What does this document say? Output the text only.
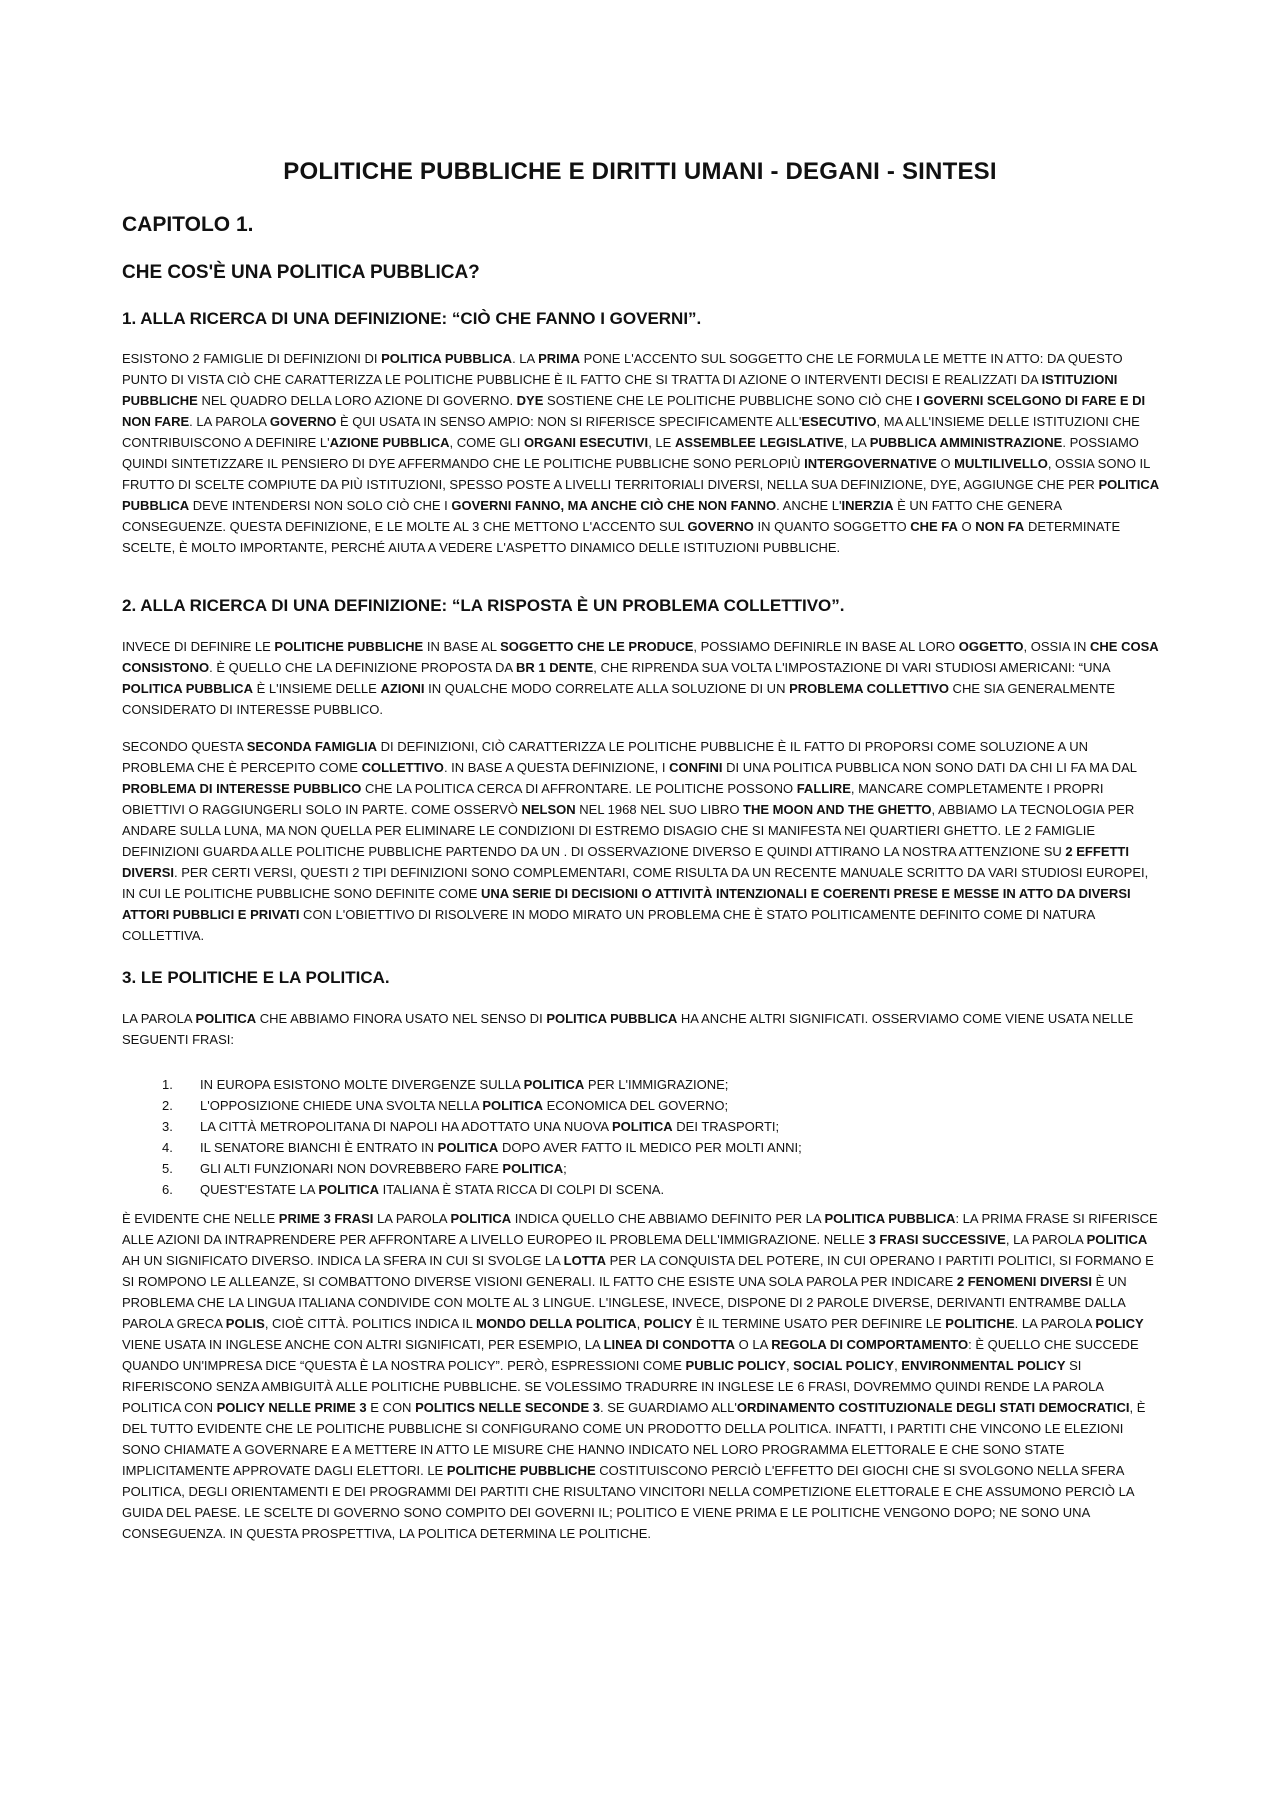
POLITICHE PUBBLICHE E DIRITTI UMANI - DEGANI - SINTESI
CAPITOLO 1.
CHE COS'È UNA POLITICA PUBBLICA?
1. ALLA RICERCA DI UNA DEFINIZIONE: “CIÒ CHE FANNO I GOVERNI”.

ESISTONO 2 FAMIGLIE DI DEFINIZIONI DI POLITICA PUBBLICA. LA PRIMA PONE L'ACCENTO SUL SOGGETTO CHE LE FORMULA LE METTE IN ATTO: DA QUESTO PUNTO DI VISTA CIÒ CHE CARATTERIZZA LE POLITICHE PUBBLICHE È IL FATTO CHE SI TRATTA DI AZIONE O INTERVENTI DECISI E REALIZZATI DA ISTITUZIONI PUBBLICHE NEL QUADRO DELLA LORO AZIONE DI GOVERNO. DYE SOSTIENE CHE LE POLITICHE PUBBLICHE SONO CIÒ CHE I GOVERNI SCELGONO DI FARE E DI NON FARE. LA PAROLA GOVERNO È QUI USATA IN SENSO AMPIO: NON SI RIFERISCE SPECIFICAMENTE ALL'ESECUTIVO, MA ALL'INSIEME DELLE ISTITUZIONI CHE CONTRIBUISCONO A DEFINIRE L'AZIONE PUBBLICA, COME GLI ORGANI ESECUTIVI, LE ASSEMBLEE LEGISLATIVE, LA PUBBLICA AMMINISTRAZIONE. POSSIAMO QUINDI SINTETIZZARE IL PENSIERO DI DYE AFFERMANDO CHE LE POLITICHE PUBBLICHE SONO PERLOPIÙ INTERGOVERNATIVE O MULTILIVELLO, OSSIA SONO IL FRUTTO DI SCELTE COMPIUTE DA PIÙ ISTITUZIONI, SPESSO POSTE A LIVELLI TERRITORIALI DIVERSI, NELLA SUA DEFINIZIONE, DYE, AGGIUNGE CHE PER POLITICA PUBBLICA DEVE INTENDERSI NON SOLO CIÒ CHE I GOVERNI FANNO, MA ANCHE CIÒ CHE NON FANNO. ANCHE L'INERZIA È UN FATTO CHE GENERA CONSEGUENZE. QUESTA DEFINIZIONE, E LE MOLTE AL 3 CHE METTONO L'ACCENTO SUL GOVERNO IN QUANTO SOGGETTO CHE FA O NON FA DETERMINATE SCELTE, È MOLTO IMPORTANTE, PERCHÉ AIUTA A VEDERE L'ASPETTO DINAMICO DELLE ISTITUZIONI PUBBLICHE.

2. ALLA RICERCA DI UNA DEFINIZIONE: “LA RISPOSTA È UN PROBLEMA COLLETTIVO”.

INVECE DI DEFINIRE LE POLITICHE PUBBLICHE IN BASE AL SOGGETTO CHE LE PRODUCE, POSSIAMO DEFINIRLE IN BASE AL LORO OGGETTO, OSSIA IN CHE COSA CONSISTONO. È QUELLO CHE LA DEFINIZIONE PROPOSTA DA BR 1 DENTE, CHE RIPRENDA SUA VOLTA L'IMPOSTAZIONE DI VARI STUDIOSI AMERICANI: “UNA POLITICA PUBBLICA È L'INSIEME DELLE AZIONI IN QUALCHE MODO CORRELATE ALLA SOLUZIONE DI UN PROBLEMA COLLETTIVO CHE SIA GENERALMENTE CONSIDERATO DI INTERESSE PUBBLICO.

SECONDO QUESTA SECONDA FAMIGLIA DI DEFINIZIONI, CIÒ CARATTERIZZA LE POLITICHE PUBBLICHE È IL FATTO DI PROPORSI COME SOLUZIONE A UN PROBLEMA CHE È PERCEPITO COME COLLETTIVO. IN BASE A QUESTA DEFINIZIONE, I CONFINI DI UNA POLITICA PUBBLICA NON SONO DATI DA CHI LI FA MA DAL PROBLEMA DI INTERESSE PUBBLICO CHE LA POLITICA CERCA DI AFFRONTARE. LE POLITICHE POSSONO FALLIRE, MANCARE COMPLETAMENTE I PROPRI OBIETTIVI O RAGGIUNGERLI SOLO IN PARTE. COME OSSERVÒ NELSON NEL 1968 NEL SUO LIBRO THE MOON AND THE GHETTO, ABBIAMO LA TECNOLOGIA PER ANDARE SULLA LUNA, MA NON QUELLA PER ELIMINARE LE CONDIZIONI DI ESTREMO DISAGIO CHE SI MANIFESTA NEI QUARTIERI GHETTO. LE 2 FAMIGLIE DEFINIZIONI GUARDA ALLE POLITICHE PUBBLICHE PARTENDO DA UN . DI OSSERVAZIONE DIVERSO E QUINDI ATTIRANO LA NOSTRA ATTENZIONE SU 2 EFFETTI DIVERSI. PER CERTI VERSI, QUESTI 2 TIPI DEFINIZIONI SONO COMPLEMENTARI, COME RISULTA DA UN RECENTE MANUALE SCRITTO DA VARI STUDIOSI EUROPEI, IN CUI LE POLITICHE PUBBLICHE SONO DEFINITE COME UNA SERIE DI DECISIONI O ATTIVITÀ INTENZIONALI E COERENTI PRESE E MESSE IN ATTO DA DIVERSI ATTORI PUBBLICI E PRIVATI CON L'OBIETTIVO DI RISOLVERE IN MODO MIRATO UN PROBLEMA CHE È STATO POLITICAMENTE DEFINITO COME DI NATURA COLLETTIVA.

3. LE POLITICHE E LA POLITICA.

LA PAROLA POLITICA CHE ABBIAMO FINORA USATO NEL SENSO DI POLITICA PUBBLICA HA ANCHE ALTRI SIGNIFICATI. OSSERVIAMO COME VIENE USATA NELLE SEGUENTI FRASI:

1.	IN EUROPA ESISTONO MOLTE DIVERGENZE SULLA POLITICA PER L'IMMIGRAZIONE;
2.	L'OPPOSIZIONE CHIEDE UNA SVOLTA NELLA POLITICA ECONOMICA DEL GOVERNO;
3.	LA CITTÀ METROPOLITANA DI NAPOLI HA ADOTTATO UNA NUOVA POLITICA DEI TRASPORTI;
4.	IL SENATORE BIANCHI È ENTRATO IN POLITICA DOPO AVER FATTO IL MEDICO PER MOLTI ANNI;
5.	GLI ALTI FUNZIONARI NON DOVREBBERO FARE POLITICA;
6.	QUEST'ESTATE LA POLITICA ITALIANA È STATA RICCA DI COLPI DI SCENA.

È EVIDENTE CHE NELLE PRIME 3 FRASI LA PAROLA POLITICA INDICA QUELLO CHE ABBIAMO DEFINITO PER LA POLITICA PUBBLICA: LA PRIMA FRASE SI RIFERISCE ALLE AZIONI DA INTRAPRENDERE PER AFFRONTARE A LIVELLO EUROPEO IL PROBLEMA DELL'IMMIGRAZIONE. NELLE 3 FRASI SUCCESSIVE, LA PAROLA POLITICA AH UN SIGNIFICATO DIVERSO. INDICA LA SFERA IN CUI SI SVOLGE LA LOTTA PER LA CONQUISTA DEL POTERE, IN CUI OPERANO I PARTITI POLITICI, SI FORMANO E SI ROMPONO LE ALLEANZE, SI COMBATTONO DIVERSE VISIONI GENERALI. IL FATTO CHE ESISTE UNA SOLA PAROLA PER INDICARE 2 FENOMENI DIVERSI È UN PROBLEMA CHE LA LINGUA ITALIANA CONDIVIDE CON MOLTE AL 3 LINGUE. L'INGLESE, INVECE, DISPONE DI 2 PAROLE DIVERSE, DERIVANTI ENTRAMBE DALLA PAROLA GRECA POLIS, CIOÈ CITTÀ. POLITICS INDICA IL MONDO DELLA POLITICA, POLICY È IL TERMINE USATO PER DEFINIRE LE POLITICHE. LA PAROLA POLICY VIENE USATA IN INGLESE ANCHE CON ALTRI SIGNIFICATI, PER ESEMPIO, LA LINEA DI CONDOTTA O LA REGOLA DI COMPORTAMENTO: È QUELLO CHE SUCCEDE QUANDO UN'IMPRESA DICE “QUESTA È LA NOSTRA POLICY”. PERÒ, ESPRESSIONI COME PUBLIC POLICY, SOCIAL POLICY, ENVIRONMENTAL POLICY SI RIFERISCONO SENZA AMBIGUITÀ ALLE POLITICHE PUBBLICHE. SE VOLESSIMO TRADURRE IN INGLESE LE 6 FRASI, DOVREMMO QUINDI RENDE LA PAROLA POLITICA CON POLICY NELLE PRIME 3 E CON POLITICS NELLE SECONDE 3. SE GUARDIAMO ALL'ORDINAMENTO COSTITUZIONALE DEGLI STATI DEMOCRATICI, È DEL TUTTO EVIDENTE CHE LE POLITICHE PUBBLICHE SI CONFIGURANO COME UN PRODOTTO DELLA POLITICA. INFATTI, I PARTITI CHE VINCONO LE ELEZIONI SONO CHIAMATE A GOVERNARE E A METTERE IN ATTO LE MISURE CHE HANNO INDICATO NEL LORO PROGRAMMA ELETTORALE E CHE SONO STATE IMPLICITAMENTE APPROVATE DAGLI ELETTORI. LE POLITICHE PUBBLICHE COSTITUISCONO PERCIÒ L'EFFETTO DEI GIOCHI CHE SI SVOLGONO NELLA SFERA POLITICA, DEGLI ORIENTAMENTI E DEI PROGRAMMI DEI PARTITI CHE RISULTANO VINCITORI NELLA COMPETIZIONE ELETTORALE E CHE ASSUMONO PERCIÒ LA GUIDA DEL PAESE. LE SCELTE DI GOVERNO SONO COMPITO DEI GOVERNI IL; POLITICO E VIENE PRIMA E LE POLITICHE VENGONO DOPO; NE SONO UNA CONSEGUENZA. IN QUESTA PROSPETTIVA, LA POLITICA DETERMINA LE POLITICHE.
